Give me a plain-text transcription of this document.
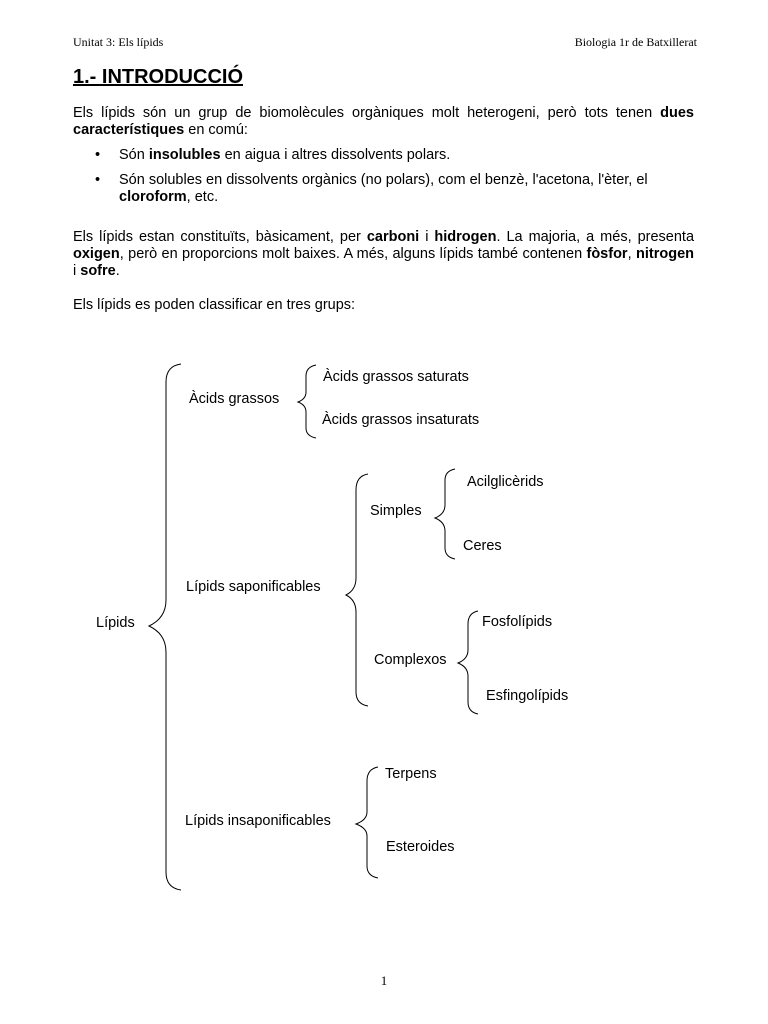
Unitat 3: Els lípids	Biologia 1r de Batxillerat
1.- INTRODUCCIÓ
Els lípids són un grup de biomolècules orgàniques molt heterogeni, però tots tenen dues característiques en comú:
• Són insolubles en aigua i altres dissolvents polars.
• Són solubles en dissolvents orgànics (no polars), com el benzè, l'acetona, l'èter, el cloroform, etc.
Els lípids estan constituïts, bàsicament, per carboni i hidrogen. La majoria, a més, presenta oxigen, però en proporcions molt baixes. A més, alguns lípids també contenen fòsfor, nitrogen i sofre.
Els lípids es poden classificar en tres grups:
Lípids
Àcids grassos
Àcids grassos saturats
Àcids grassos insaturats
Lípids saponificables
Simples
Acilglicèrids
Ceres
Complexos
Fosfolípids
Esfingolípids
Lípids insaponificables
Terpens
Esteroides
1
